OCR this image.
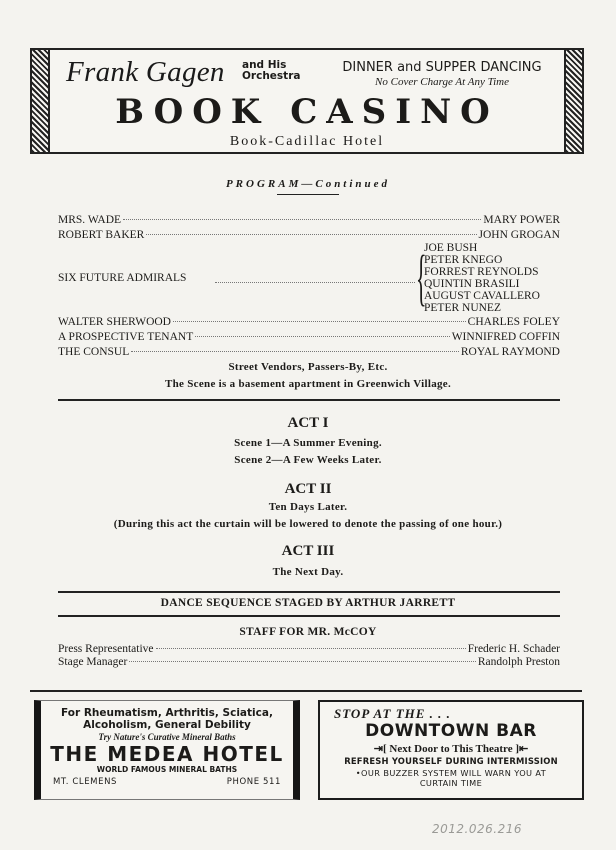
Frank Gagen and His
Orchestra
DINNER and SUPPER DANCING
No Cover Charge At Any Time
BOOK CASINO
Book-Cadillac Hotel
PROGRAM—Continued
MRS. WADE	MARY POWER
ROBERT BAKER	JOHN GROGAN
SIX FUTURE ADMIRALS	{
JOE BUSH
PETER KNEGO
FORREST REYNOLDS
QUINTIN BRASILI
AUGUST CAVALLERO
PETER NUNEZ
WALTER SHERWOOD	CHARLES FOLEY
A PROSPECTIVE TENANT	WINNIFRED COFFIN
THE CONSUL	ROYAL RAYMOND
Street Vendors, Passers-By, Etc.
The Scene is a basement apartment in Greenwich Village.
ACT I
Scene 1—A Summer Evening.
Scene 2—A Few Weeks Later.
ACT II
Ten Days Later.
(During this act the curtain will be lowered to denote the passing of one hour.)
ACT III
The Next Day.
DANCE SEQUENCE STAGED BY ARTHUR JARRETT
STAFF FOR MR. McCOY
Press Representative	Frederic H. Schader
Stage Manager	Randolph Preston
For Rheumatism, Arthritis, Sciatica,
Alcoholism, General Debility
Try Nature's Curative Mineral Baths
THE MEDEA HOTEL
WORLD FAMOUS MINERAL BATHS
MT. CLEMENS	PHONE 511
STOP AT THE . . .
DOWNTOWN BAR
⇥[ Next Door to This Theatre ]⇤
REFRESH YOURSELF DURING INTERMISSION
•OUR BUZZER SYSTEM WILL WARN YOU AT
CURTAIN TIME
2012.026.216
